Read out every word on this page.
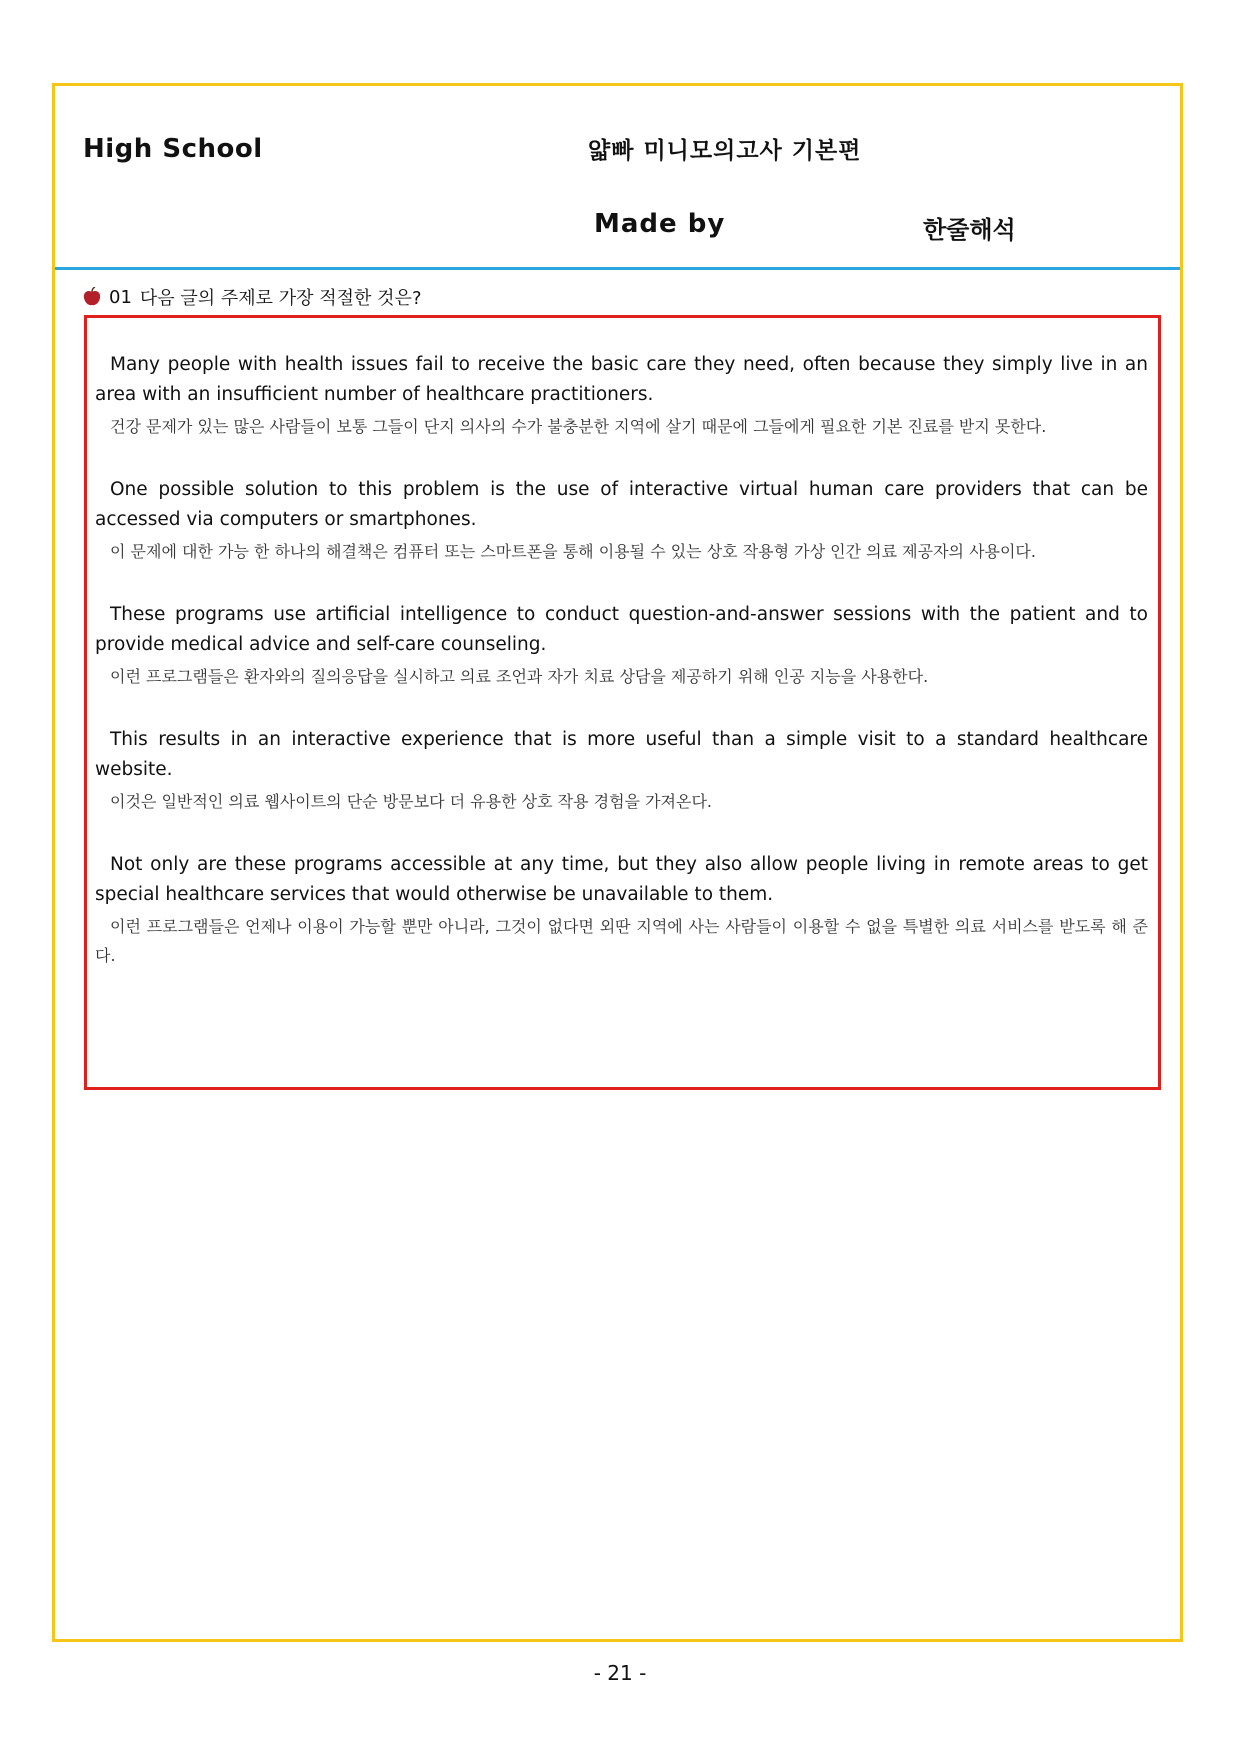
High School	얇빠 미니모의고사 기본편
Made by	한줄해석
01 다음 글의 주제로 가장 적절한 것은?

Many people with health issues fail to receive the basic care they need, often because they simply live in an area with an insufficient number of healthcare practitioners.

건강 문제가 있는 많은 사람들이 보통 그들이 단지 의사의 수가 불충분한 지역에 살기 때문에 그들에게 필요한 기본 진료를 받지 못한다.

One possible solution to this problem is the use of interactive virtual human care providers that can be accessed via computers or smartphones.

이 문제에 대한 가능 한 하나의 해결책은 컴퓨터 또는 스마트폰을 통해 이용될 수 있는 상호 작용형 가상 인간 의료 제공자의 사용이다.

These programs use artificial intelligence to conduct question-and-answer sessions with the patient and to provide medical advice and self-care counseling.

이런 프로그램들은 환자와의 질의응답을 실시하고 의료 조언과 자가 치료 상담을 제공하기 위해 인공 지능을 사용한다.

This results in an interactive experience that is more useful than a simple visit to a standard healthcare website.

이것은 일반적인 의료 웹사이트의 단순 방문보다 더 유용한 상호 작용 경험을 가져온다.

Not only are these programs accessible at any time, but they also allow people living in remote areas to get special healthcare services that would otherwise be unavailable to them.

이런 프로그램들은 언제나 이용이 가능할 뿐만 아니라, 그것이 없다면 외딴 지역에 사는 사람들이 이용할 수 없을 특별한 의료 서비스를 받도록 해 준다.

- 21 -
